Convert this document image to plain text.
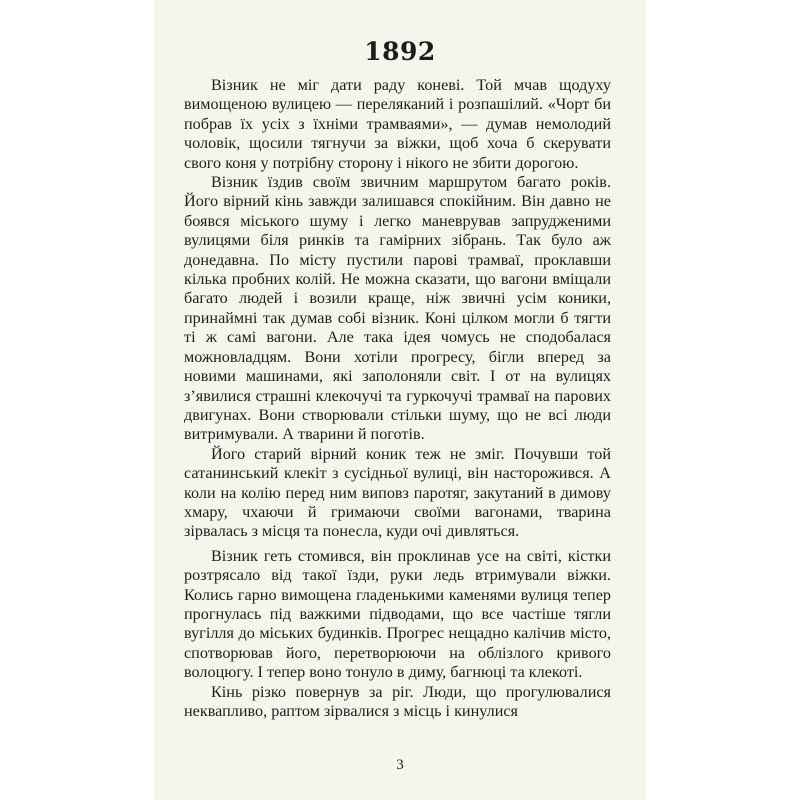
1892

Візник не міг дати раду коневі. Той мчав щодуху вимощеною вулицею — переляканий і розпашілий. «Чорт би побрав їх усіх з їхніми трамваями», — думав немолодий чоловік, щосили тягнучи за віжки, щоб хоча б скерувати свого коня у потрібну сторону і нікого не збити дорогою.

Візник їздив своїм звичним маршрутом багато років. Його вірний кінь завжди залишався спокійним. Він давно не боявся міського шуму і легко маневрував запрудженими вулицями біля ринків та гамірних зібрань. Так було аж донедавна. По місту пустили парові трамваї, проклавши кілька пробних колій. Не можна сказати, що вагони вміщали багато людей і возили краще, ніж звичні усім коники, принаймні так думав собі візник. Коні цілком могли б тягти ті ж самі вагони. Але така ідея чомусь не сподобалася можновладцям. Вони хотіли прогресу, бігли вперед за новими машинами, які заполоняли світ. І от на вулицях з’явилися страшні клекочучі та гуркочучі трамваї на парових двигунах. Вони створювали стільки шуму, що не всі люди витримували. А тварини й поготів.

Його старий вірний коник теж не зміг. Почувши той сатанинський клекіт з сусідньої вулиці, він насторожився. А коли на колію перед ним виповз паротяг, закутаний в димову хмару, чхаючи й гримаючи своїми вагонами, тварина зірвалась з місця та понесла, куди очі дивляться.

Візник геть стомився, він проклинав усе на світі, кістки розтрясало від такої їзди, руки ледь втримували віжки. Колись гарно вимощена гладенькими каменями вулиця тепер прогнулась під важкими підводами, що все частіше тягли вугілля до міських будинків. Прогрес нещадно калічив місто, спотворював його, перетворюючи на облізлого кривого волоцюгу. І тепер воно тонуло в диму, багнюці та клекоті.

Кінь різко повернув за ріг. Люди, що прогулювалися неквапливо, раптом зірвалися з місць і кинулися

3
